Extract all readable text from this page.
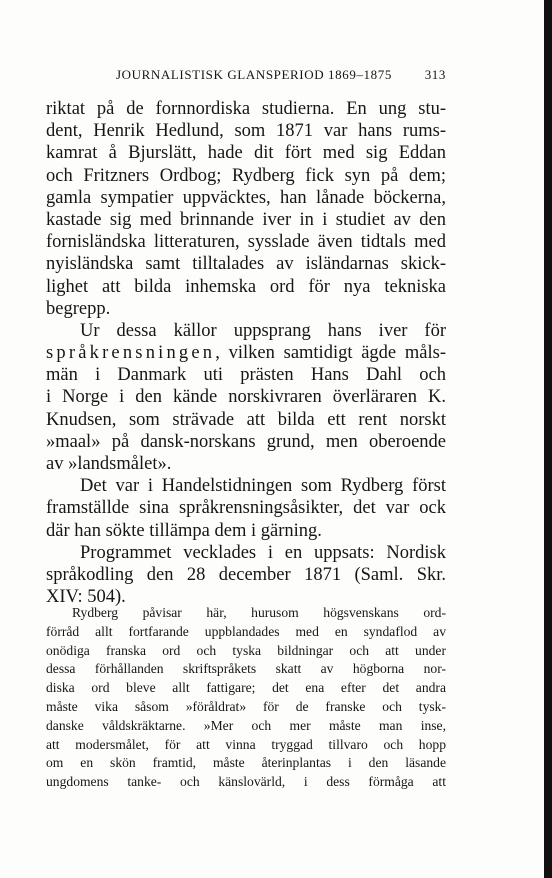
JOURNALISTISK GLANSPERIOD 1869–1875	313
riktat på de fornnordiska studierna. En ung stu-
dent, Henrik Hedlund, som 1871 var hans rums-
kamrat å Bjurslätt, hade dit fört med sig Eddan
och Fritzners Ordbog; Rydberg fick syn på dem;
gamla sympatier uppväcktes, han lånade böckerna,
kastade sig med brinnande iver in i studiet av den
fornisländska litteraturen, sysslade även tidtals med
nyisländska samt tilltalades av isländarnas skick-
lighet att bilda inhemska ord för nya tekniska
begrepp.
Ur dessa källor uppsprang hans iver för
språkrensningen, vilken samtidigt ägde måls-
män i Danmark uti prästen Hans Dahl och
i Norge i den kände norskivraren överläraren K.
Knudsen, som strävade att bilda ett rent norskt
»maal» på dansk-norskans grund, men oberoende
av »landsmålet».
Det var i Handelstidningen som Rydberg först
framställde sina språkrensningsåsikter, det var ock
där han sökte tillämpa dem i gärning.
Programmet vecklades i en uppsats: Nordisk
språkodling den 28 december 1871 (Saml. Skr.
XIV: 504).
Rydberg påvisar här, hurusom högsvenskans ord-
förråd allt fortfarande uppblandades med en syndaflod av
onödiga franska ord och tyska bildningar och att under
dessa förhållanden skriftspråkets skatt av högborna nor-
diska ord bleve allt fattigare; det ena efter det andra
måste vika såsom »föråldrat» för de franske och tysk-
danske våldskräktarne. »Mer och mer måste man inse,
att modersmålet, för att vinna tryggad tillvaro och hopp
om en skön framtid, måste återinplantas i den läsande
ungdomens tanke- och känslovärld, i dess förmåga att
